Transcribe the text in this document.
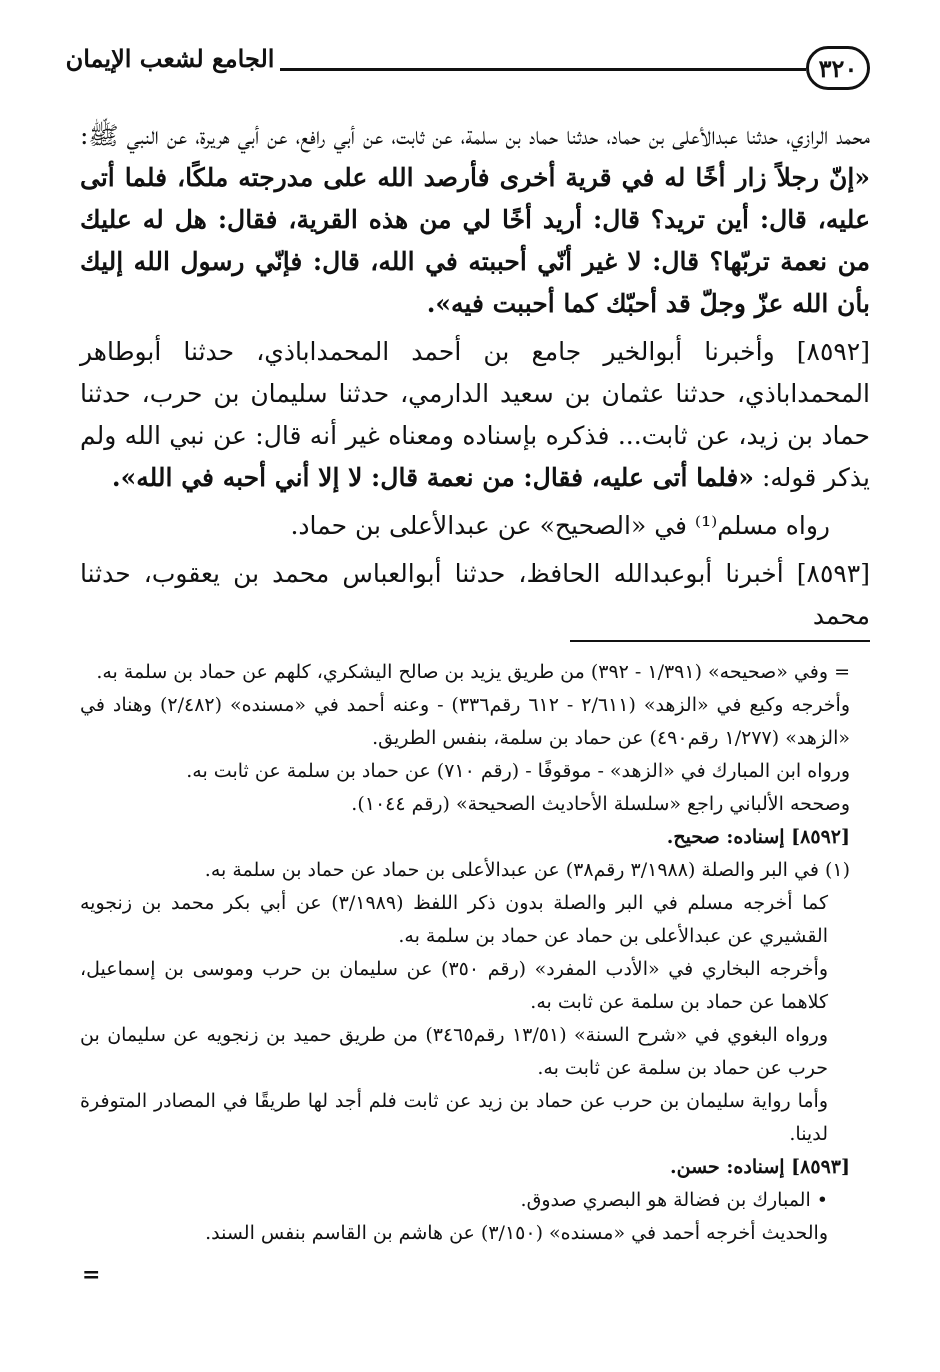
٣٢٠
الجامع لشعب الإيمان

محمد الرازي، حدثنا عبدالأعلى بن حماد، حدثنا حماد بن سلمة، عن ثابت، عن أبي رافع، عن أبي هريرة، عن النبي ﷺ: «إنّ رجلاً زار أخًا له في قرية أخرى فأرصد الله على مدرجته ملكًا، فلما أتى عليه، قال: أين تريد؟ قال: أريد أخًا لي من هذه القرية، فقال: هل له عليك من نعمة تربّها؟ قال: لا غير أنّي أحببته في الله، قال: فإنّي رسول الله إليك بأن الله عزّ وجلّ قد أحبّك كما أحببت فيه».

[٨٥٩٢] وأخبرنا أبوالخير جامع بن أحمد المحمداباذي، حدثنا أبوطاهر المحمداباذي، حدثنا عثمان بن سعيد الدارمي، حدثنا سليمان بن حرب، حدثنا حماد بن زيد، عن ثابت... فذكره بإسناده ومعناه غير أنه قال: عن نبي الله ولم يذكر قوله: «فلما أتى عليه، فقال: من نعمة قال: لا إلا أني أحبه في الله».

رواه مسلم⁽¹⁾ في «الصحيح» عن عبدالأعلى بن حماد.

[٨٥٩٣] أخبرنا أبوعبدالله الحافظ، حدثنا أبوالعباس محمد بن يعقوب، حدثنا محمد

= وفي «صحيحه» (١/٣٩١ - ٣٩٢) من طريق يزيد بن صالح اليشكري، كلهم عن حماد بن سلمة به.

وأخرجه وكيع في «الزهد» (٢/٦١١ - ٦١٢ رقم٣٣٦) - وعنه أحمد في «مسنده» (٢/٤٨٢) وهناد في «الزهد» (١/٢٧٧ رقم٤٩٠) عن حماد بن سلمة، بنفس الطريق.

ورواه ابن المبارك في «الزهد» - موقوفًا - (رقم ٧١٠) عن حماد بن سلمة عن ثابت به.

وصححه الألباني راجع «سلسلة الأحاديث الصحيحة» (رقم ١٠٤٤).

[٨٥٩٢] إسناده: صحيح.

(١) في البر والصلة (٣/١٩٨٨ رقم٣٨) عن عبدالأعلى بن حماد عن حماد بن سلمة به.

كما أخرجه مسلم في البر والصلة بدون ذكر اللفظ (٣/١٩٨٩) عن أبي بكر محمد بن زنجويه القشيري عن عبدالأعلى بن حماد عن حماد بن سلمة به.

وأخرجه البخاري في «الأدب المفرد» (رقم ٣٥٠) عن سليمان بن حرب وموسى بن إسماعيل، كلاهما عن حماد بن سلمة عن ثابت به.

ورواه البغوي في «شرح السنة» (١٣/٥١ رقم٣٤٦٥) من طريق حميد بن زنجويه عن سليمان بن حرب عن حماد بن سلمة عن ثابت به.

وأما رواية سليمان بن حرب عن حماد بن زيد عن ثابت فلم أجد لها طريقًا في المصادر المتوفرة لدينا.

[٨٥٩٣] إسناده: حسن.

• المبارك بن فضالة هو البصري صدوق.

والحديث أخرجه أحمد في «مسنده» (٣/١٥٠) عن هاشم بن القاسم بنفس السند.

=
